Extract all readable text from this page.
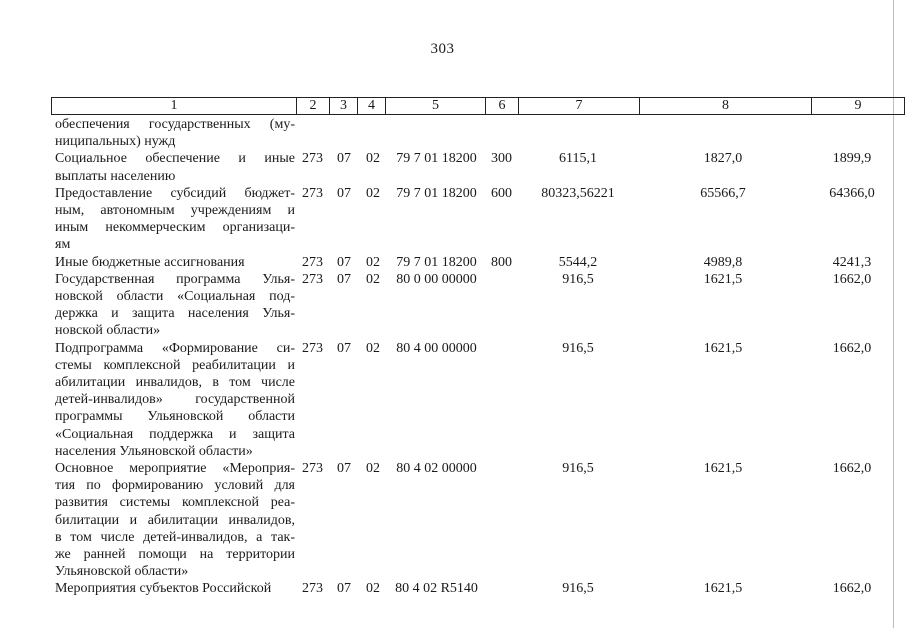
303
1	2	3	4	5	6	7	8	9
обеспечения государственных (му-
ниципальных) нужд
Социальное обеспечение и иные
выплаты населению
273	07	02	79 7 01 18200	300	6115,1	1827,0	1899,9
Предоставление субсидий бюджет-
ным, автономным учреждениям и
иным некоммерческим организаци-
ям
273	07	02	79 7 01 18200	600	80323,56221	65566,7	64366,0
Иные бюджетные ассигнования	273	07	02	79 7 01 18200	800	5544,2	4989,8	4241,3
Государственная программа Улья-
новской области «Социальная под-
держка и защита населения Улья-
новской области»
273	07	02	80 0 00 00000	916,5	1621,5	1662,0
Подпрограмма «Формирование си-
стемы комплексной реабилитации и
абилитации инвалидов, в том числе
детей-инвалидов» государственной
программы Ульяновской области
«Социальная поддержка и защита
населения Ульяновской области»
273	07	02	80 4 00 00000	916,5	1621,5	1662,0
Основное мероприятие «Мероприя-
тия по формированию условий для
развития системы комплексной реа-
билитации и абилитации инвалидов,
в том числе детей-инвалидов, а так-
же ранней помощи на территории
Ульяновской области»
273	07	02	80 4 02 00000	916,5	1621,5	1662,0
Мероприятия субъектов Российской	273	07	02	80 4 02 R5140	916,5	1621,5	1662,0
